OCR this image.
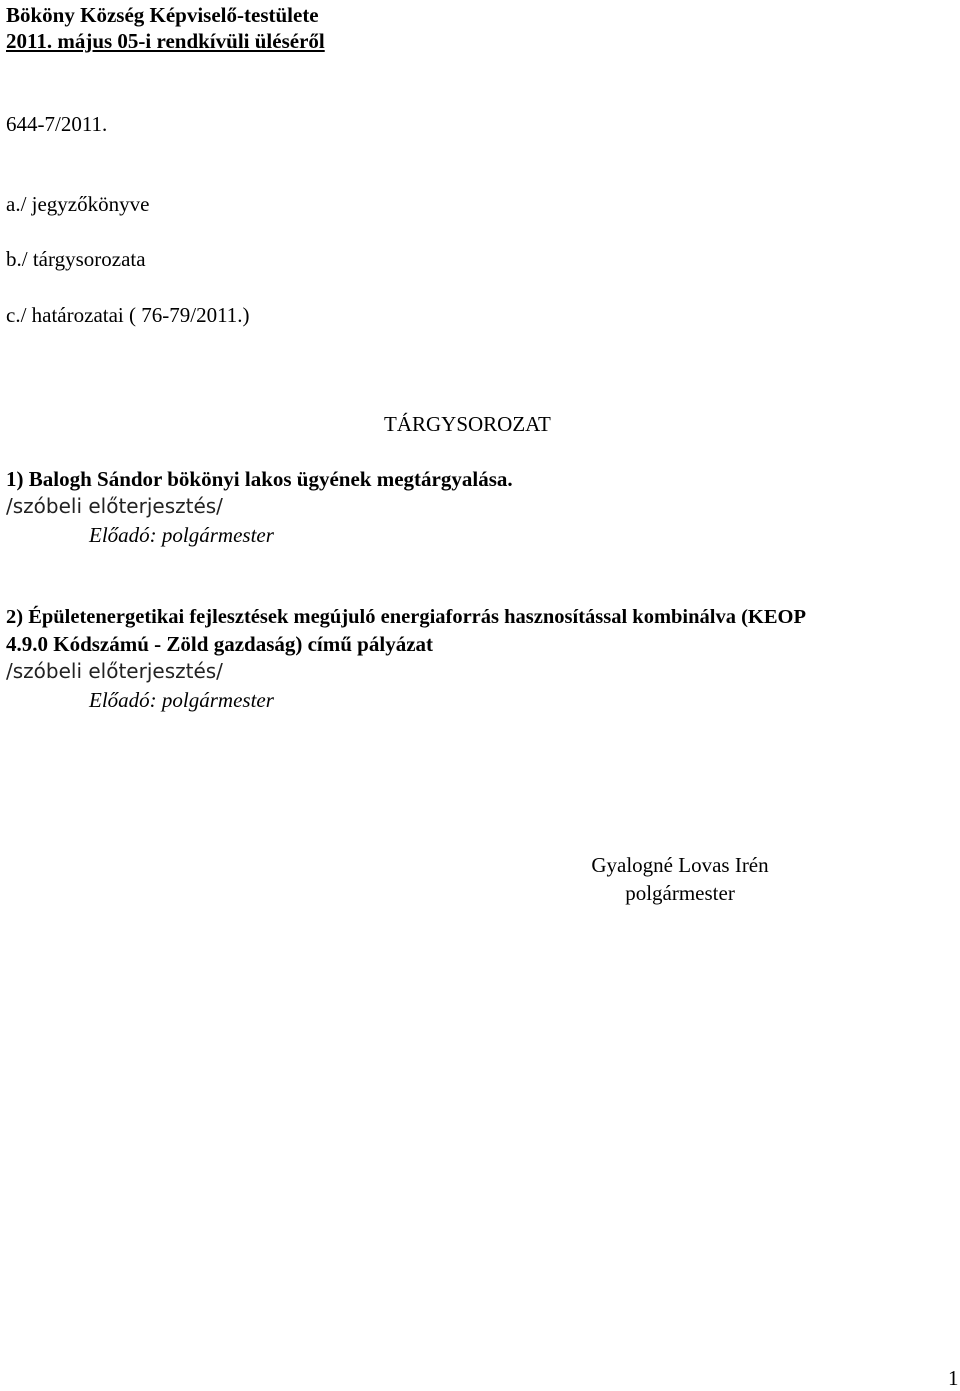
Bököny Község Képviselő-testülete
2011. május 05-i rendkívüli üléséről
644-7/2011.
a./ jegyzőkönyve
b./ tárgysorozata
c./ határozatai ( 76-79/2011.)
TÁRGYSOROZAT
1) Balogh Sándor bökönyi lakos ügyének megtárgyalása.
/szóbeli előterjesztés/
Előadó: polgármester
2) Épületenergetikai fejlesztések megújuló energiaforrás hasznosítással kombinálva (KEOP
4.9.0 Kódszámú - Zöld gazdaság) című pályázat
/szóbeli előterjesztés/
Előadó: polgármester
Gyalogné Lovas Irén
polgármester
1
